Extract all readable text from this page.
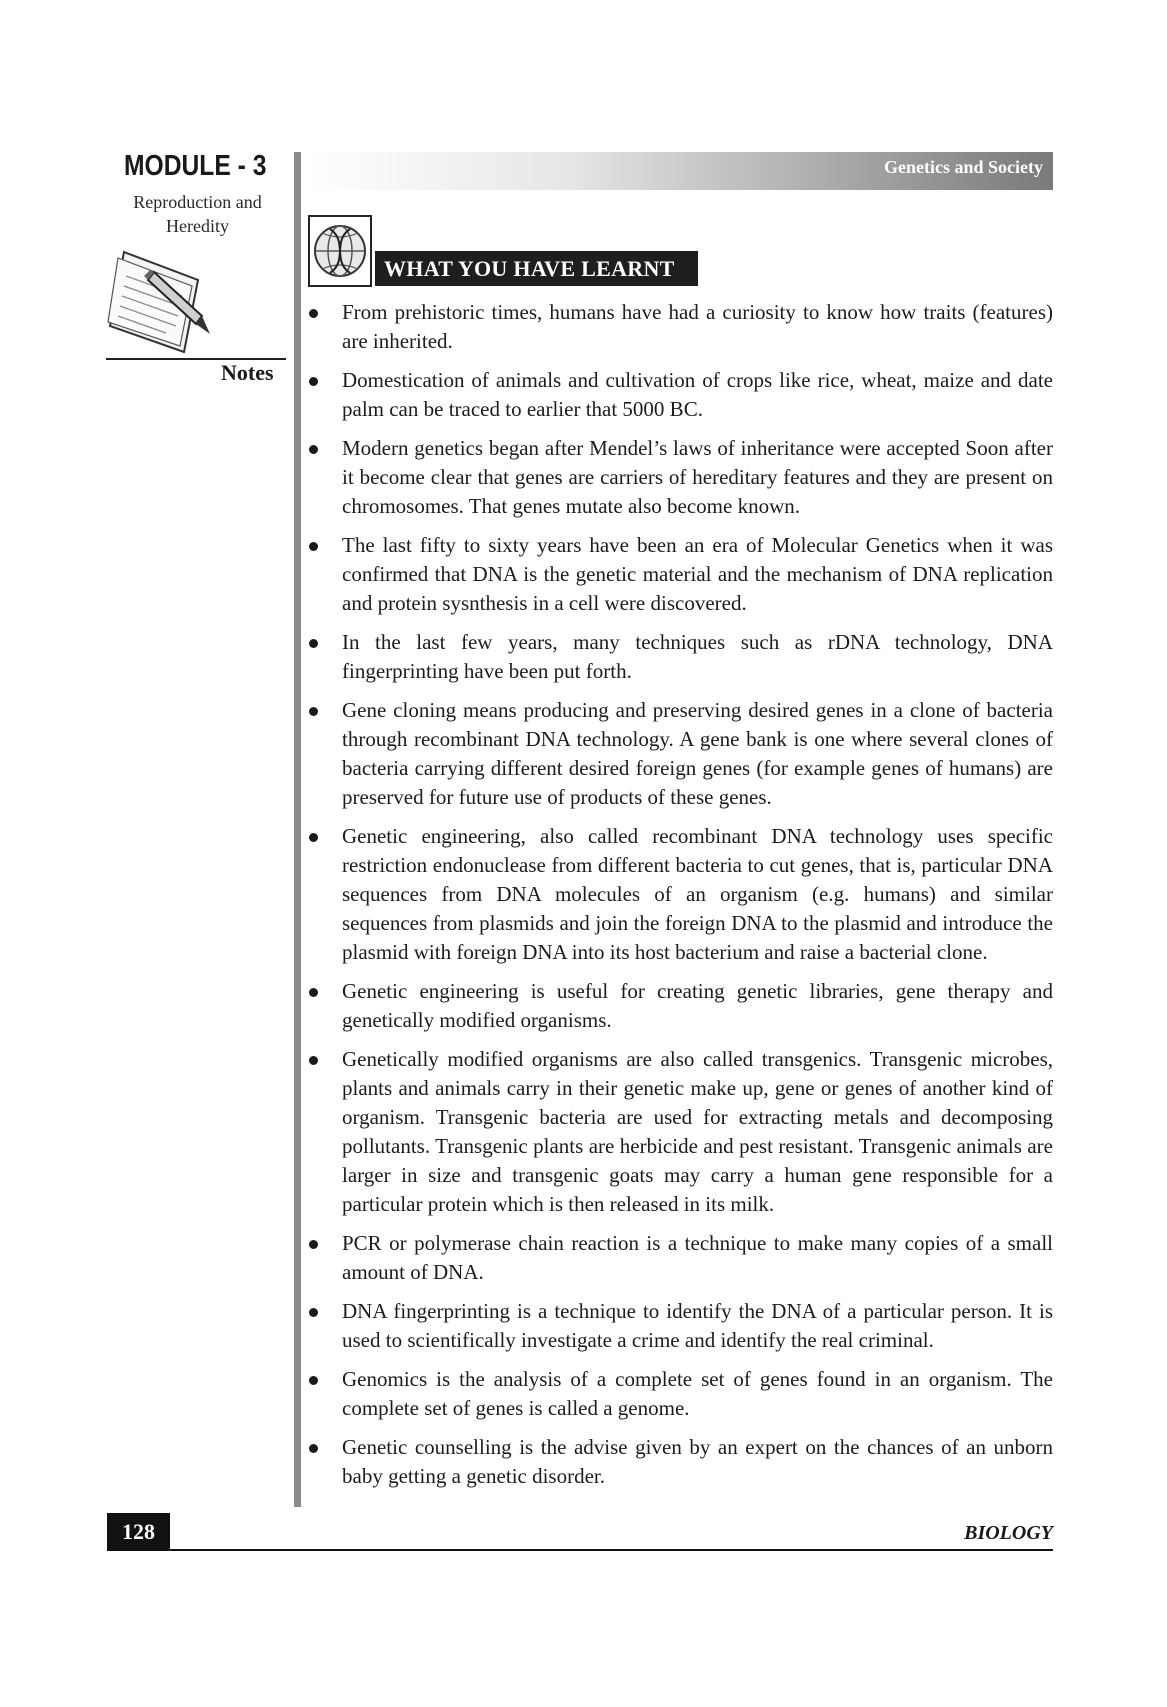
MODULE - 3
Reproduction and Heredity
Notes
Genetics and Society
WHAT YOU HAVE LEARNT
From prehistoric times, humans have had a curiosity to know how traits (features) are inherited.
Domestication of animals and cultivation of crops like rice, wheat, maize and date palm can be traced to earlier that 5000 BC.
Modern genetics began after Mendel’s laws of inheritance were accepted Soon after it become clear that genes are carriers of hereditary features and they are present on chromosomes. That genes mutate also become known.
The last fifty to sixty years have been an era of Molecular Genetics when it was confirmed that DNA is the genetic material and the mechanism of DNA replication and protein sysnthesis in a cell were discovered.
In the last few years, many techniques such as rDNA technology, DNA fingerprinting have been put forth.
Gene cloning means producing and preserving desired genes in a clone of bacteria through recombinant DNA technology. A gene bank is one where several clones of bacteria carrying different desired foreign genes (for example genes of humans) are preserved for future use of products of these genes.
Genetic engineering, also called recombinant DNA technology uses specific restriction endonuclease from different bacteria to cut genes, that is, particular DNA sequences from DNA molecules of an organism (e.g. humans) and similar sequences from plasmids and join the foreign DNA to the plasmid and introduce the plasmid with foreign DNA into its host bacterium and raise a bacterial clone.
Genetic engineering is useful for creating genetic libraries, gene therapy and genetically modified organisms.
Genetically modified organisms are also called transgenics. Transgenic microbes, plants and animals carry in their genetic make up, gene or genes of another kind of organism. Transgenic bacteria are used for extracting metals and decomposing pollutants. Transgenic plants are herbicide and pest resistant. Transgenic animals are larger in size and transgenic goats may carry a human gene responsible for a particular protein which is then released in its milk.
PCR or polymerase chain reaction is a technique to make many copies of a small amount of DNA.
DNA fingerprinting is a technique to identify the DNA of a particular person. It is used to scientifically investigate a crime and identify the real criminal.
Genomics is the analysis of a complete set of genes found in an organism. The complete set of genes is called a genome.
Genetic counselling is the advise given by an expert on the chances of an unborn baby getting a genetic disorder.
128	BIOLOGY
